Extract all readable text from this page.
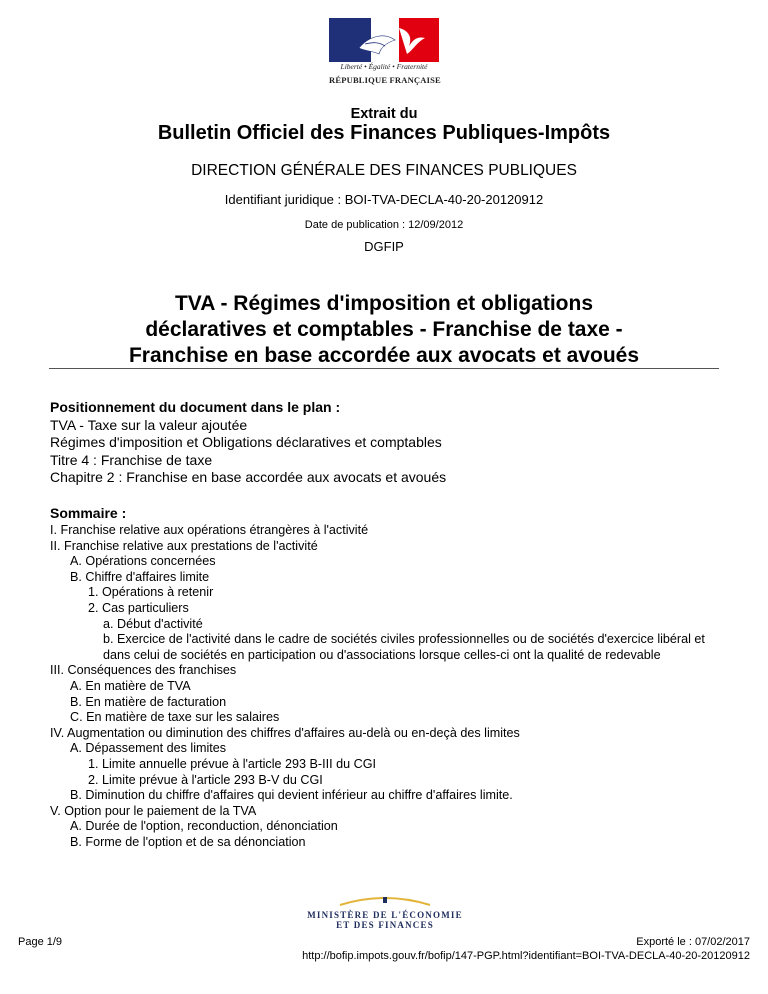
Liberté • Égalité • Fraternité
RÉPUBLIQUE FRANÇAISE
Extrait du
Bulletin Officiel des Finances Publiques-Impôts
DIRECTION GÉNÉRALE DES FINANCES PUBLIQUES
Identifiant juridique : BOI-TVA-DECLA-40-20-20120912
Date de publication : 12/09/2012
DGFIP
TVA - Régimes d'imposition et obligations
déclaratives et comptables - Franchise de taxe -
Franchise en base accordée aux avocats et avoués
Positionnement du document dans le plan :
TVA - Taxe sur la valeur ajoutée
Régimes d'imposition et Obligations déclaratives et comptables
Titre 4 : Franchise de taxe
Chapitre 2 : Franchise en base accordée aux avocats et avoués
Sommaire :
I. Franchise relative aux opérations étrangères à l'activité
II. Franchise relative aux prestations de l'activité
A. Opérations concernées
B. Chiffre d'affaires limite
1. Opérations à retenir
2. Cas particuliers
a. Début d'activité
b. Exercice de l'activité dans le cadre de sociétés civiles professionnelles ou de sociétés d'exercice libéral et dans celui de sociétés en participation ou d'associations lorsque celles-ci ont la qualité de redevable
III. Conséquences des franchises
A. En matière de TVA
B. En matière de facturation
C. En matière de taxe sur les salaires
IV. Augmentation ou diminution des chiffres d'affaires au-delà ou en-deçà des limites
A. Dépassement des limites
1. Limite annuelle prévue à l'article 293 B-III du CGI
2. Limite prévue à l'article 293 B-V du CGI
B. Diminution du chiffre d'affaires qui devient inférieur au chiffre d'affaires limite.
V. Option pour le paiement de la TVA
A. Durée de l'option, reconduction, dénonciation
B. Forme de l'option et de sa dénonciation
MINISTÈRE DE L'ÉCONOMIE
ET DES FINANCES
Page 1/9	Exporté le : 07/02/2017
http://bofip.impots.gouv.fr/bofip/147-PGP.html?identifiant=BOI-TVA-DECLA-40-20-20120912
